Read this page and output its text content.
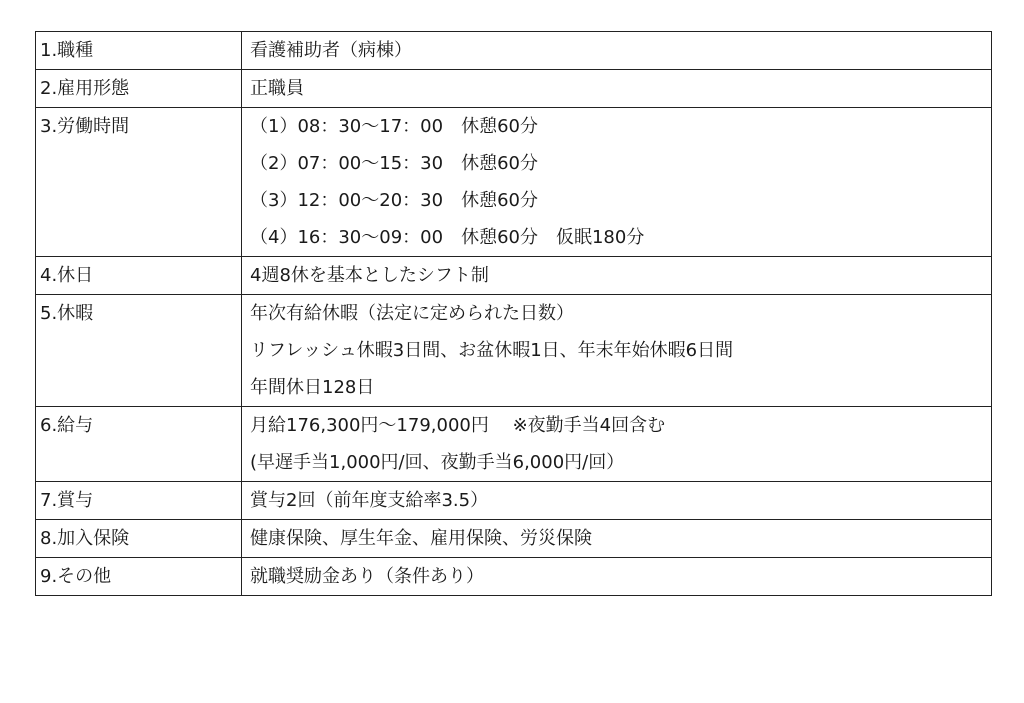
1.職種	看護補助者（病棟）

2.雇用形態	正職員

3.労働時間	（1）08：30〜17：00　休憩60分
（2）07：00〜15：30　休憩60分
（3）12：00〜20：30　休憩60分
（4）16：30〜09：00　休憩60分　仮眠180分

4.休日	4週8休を基本としたシフト制

5.休暇	年次有給休暇（法定に定められた日数）
リフレッシュ休暇3日間、お盆休暇1日、年末年始休暇6日間
年間休日128日

6.給与	月給176,300円〜179,000円　 ※夜勤手当4回含む
(早遅手当1,000円/回、夜勤手当6,000円/回）

7.賞与	賞与2回（前年度支給率3.5）

8.加入保険	健康保険、厚生年金、雇用保険、労災保険

9.その他	就職奨励金あり（条件あり）
